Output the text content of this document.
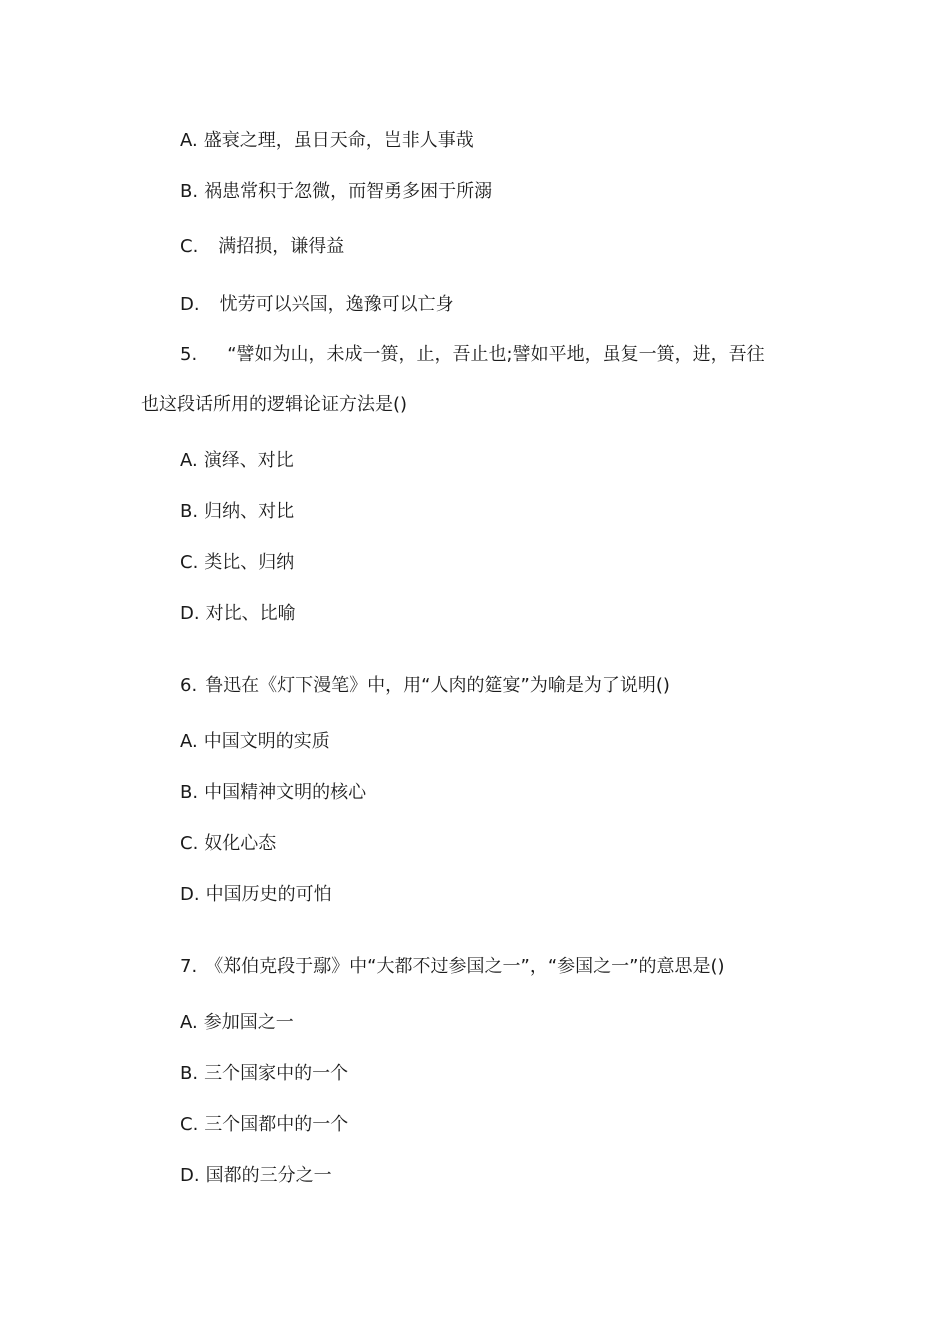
A. 盛衰之理，虽日天命，岂非人事哉
B. 祸患常积于忽微，而智勇多困于所溺
C. 满招损，谦得益
D. 忧劳可以兴国，逸豫可以亡身
5. “譬如为山，未成一篑，止，吾止也;譬如平地，虽复一篑，进，吾往
也这段话所用的逻辑论证方法是()
A. 演绎、对比
B. 归纳、对比
C. 类比、归纳
D. 对比、比喻
6. 鲁迅在《灯下漫笔》中，用“人肉的筵宴”为喻是为了说明()
A. 中国文明的实质
B. 中国精神文明的核心
C. 奴化心态
D. 中国历史的可怕
7. 《郑伯克段于鄢》中“大都不过参国之一”，“参国之一”的意思是()
A. 参加国之一
B. 三个国家中的一个
C. 三个国都中的一个
D. 国都的三分之一
